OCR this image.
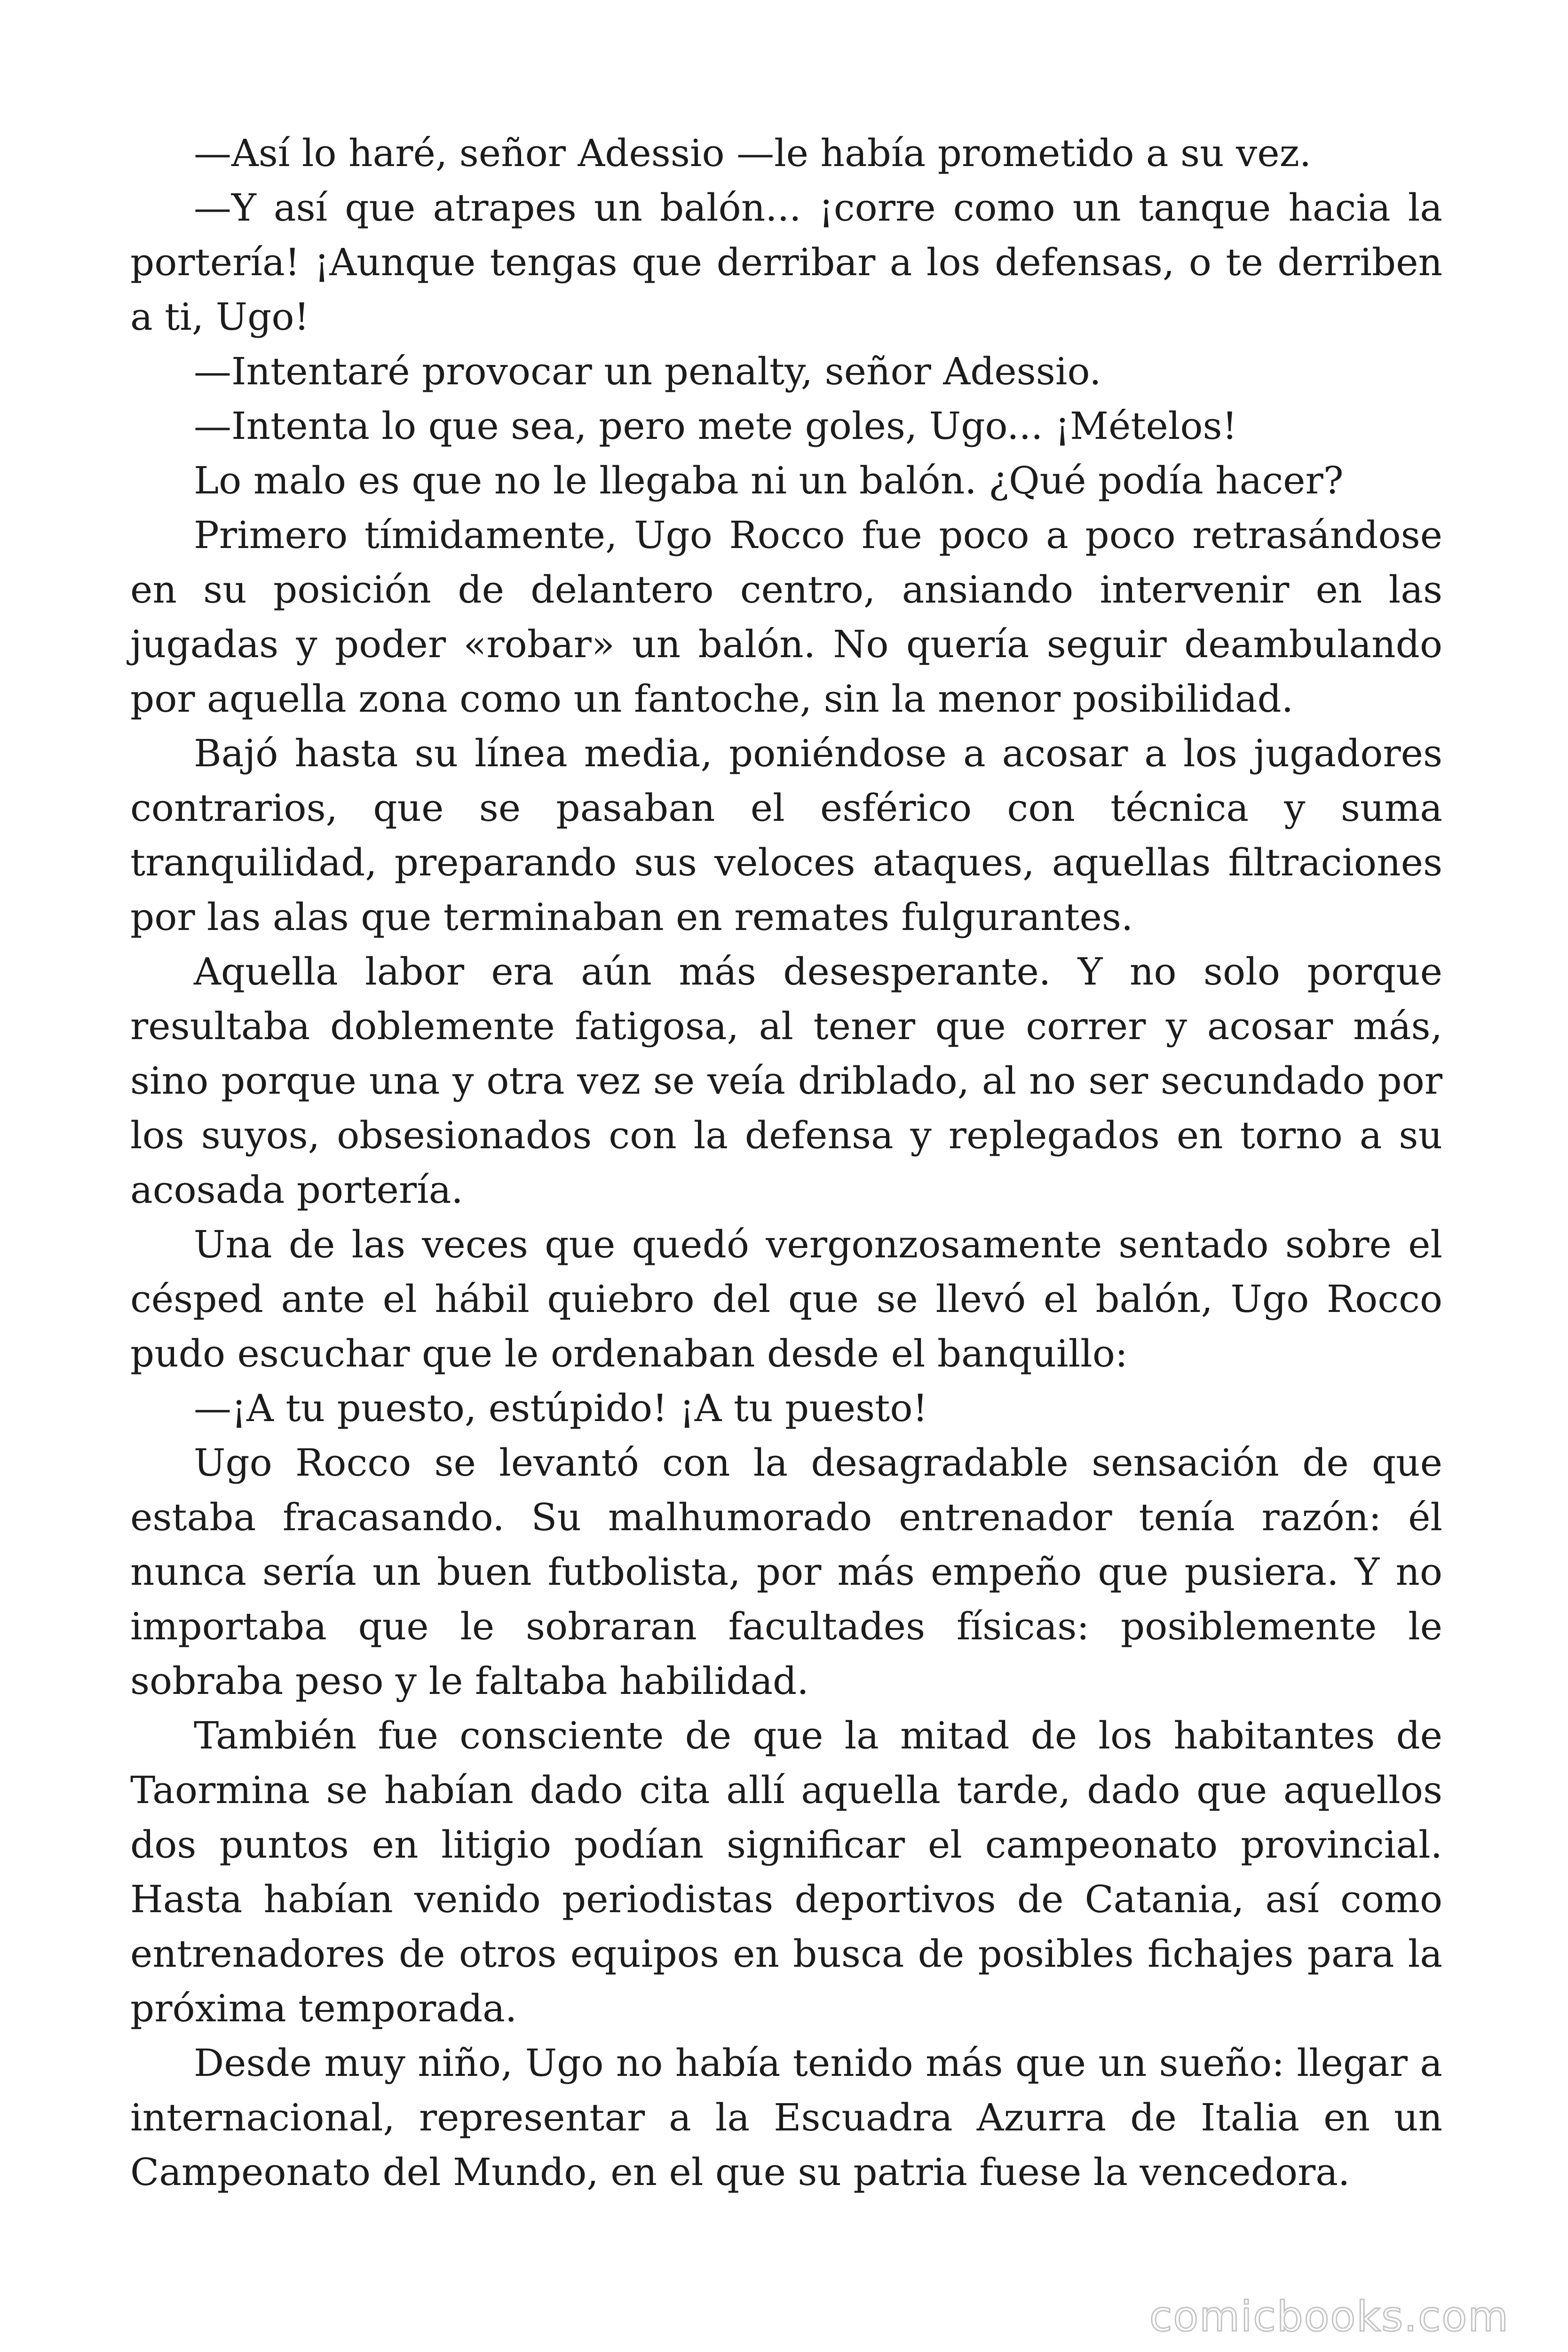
—Así lo haré, señor Adessio —le había prometido a su vez.

—Y así que atrapes un balón... ¡corre como un tanque hacia la portería! ¡Aunque tengas que derribar a los defensas, o te derriben a ti, Ugo!

—Intentaré provocar un penalty, señor Adessio.

—Intenta lo que sea, pero mete goles, Ugo... ¡Mételos!

Lo malo es que no le llegaba ni un balón. ¿Qué podía hacer?

Primero tímidamente, Ugo Rocco fue poco a poco retrasándose en su posición de delantero centro, ansiando intervenir en las jugadas y poder «robar» un balón. No quería seguir deambulando por aquella zona como un fantoche, sin la menor posibilidad.

Bajó hasta su línea media, poniéndose a acosar a los jugadores contrarios, que se pasaban el esférico con técnica y suma tranquilidad, preparando sus veloces ataques, aquellas filtraciones por las alas que terminaban en remates fulgurantes.

Aquella labor era aún más desesperante. Y no solo porque resultaba doblemente fatigosa, al tener que correr y acosar más, sino porque una y otra vez se veía driblado, al no ser secundado por los suyos, obsesionados con la defensa y replegados en torno a su acosada portería.

Una de las veces que quedó vergonzosamente sentado sobre el césped ante el hábil quiebro del que se llevó el balón, Ugo Rocco pudo escuchar que le ordenaban desde el banquillo:

—¡A tu puesto, estúpido! ¡A tu puesto!

Ugo Rocco se levantó con la desagradable sensación de que estaba fracasando. Su malhumorado entrenador tenía razón: él nunca sería un buen futbolista, por más empeño que pusiera. Y no importaba que le sobraran facultades físicas: posiblemente le sobraba peso y le faltaba habilidad.

También fue consciente de que la mitad de los habitantes de Taormina se habían dado cita allí aquella tarde, dado que aquellos dos puntos en litigio podían significar el campeonato provincial. Hasta habían venido periodistas deportivos de Catania, así como entrenadores de otros equipos en busca de posibles fichajes para la próxima temporada.

Desde muy niño, Ugo no había tenido más que un sueño: llegar a internacional, representar a la Escuadra Azurra de Italia en un Campeonato del Mundo, en el que su patria fuese la vencedora.

comicbooks.com
